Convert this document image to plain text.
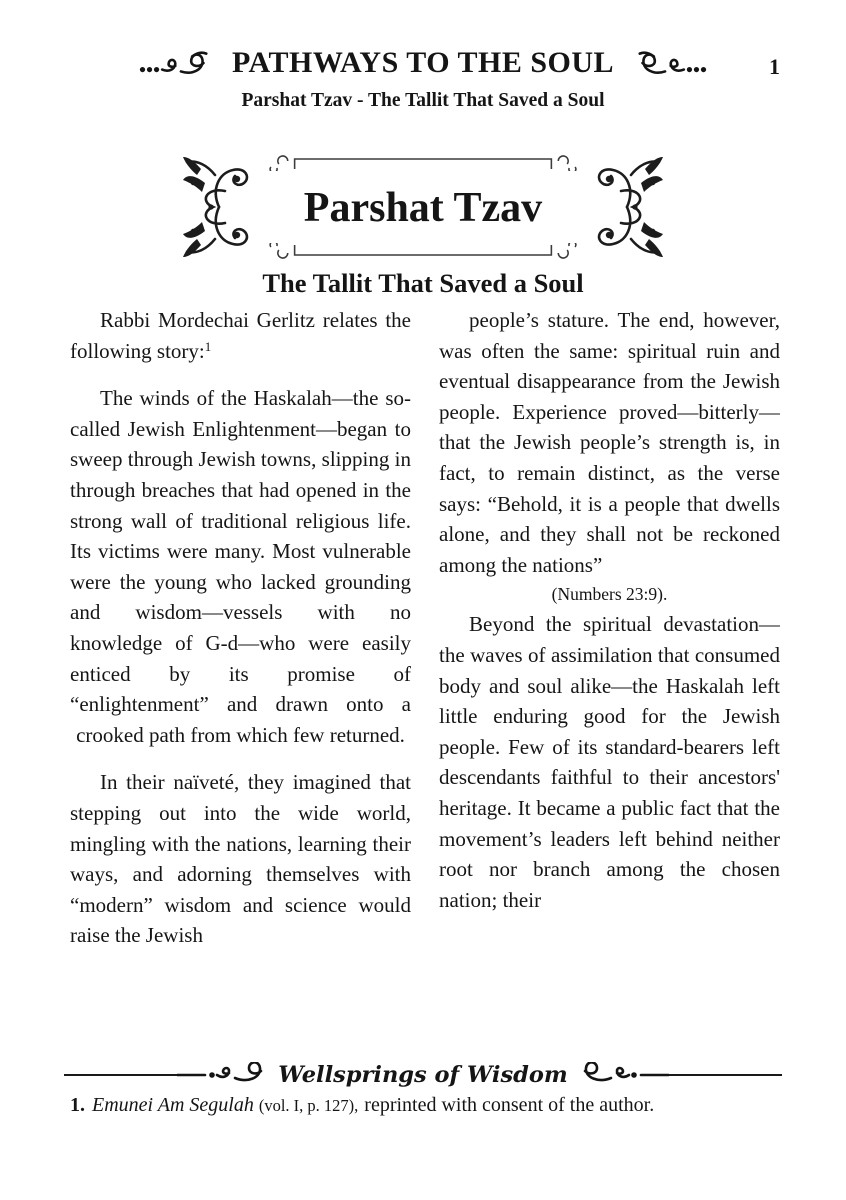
PATHWAYS TO THE SOUL	1
Parshat Tzav - The Tallit That Saved a Soul
Parshat Tzav
The Tallit That Saved a Soul

Rabbi Mordechai Gerlitz relates the following story:$^1$

The winds of the Haskalah—the so-called Jewish Enlightenment—began to sweep through Jewish towns, slipping in through breaches that had opened in the strong wall of traditional religious life. Its victims were many. Most vulnerable were the young who lacked grounding and wisdom—vessels with no knowledge of G-d—who were easily enticed by its promise of “enlightenment” and drawn onto a crooked path from which few returned.

In their naïveté, they imagined that stepping out into the wide world, mingling with the nations, learning their ways, and adorning themselves with “modern” wisdom and science would raise the Jewish

people’s stature. The end, however, was often the same: spiritual ruin and eventual disappearance from the Jewish people. Experience proved—bitterly—that the Jewish people’s strength is, in fact, to remain distinct, as the verse says: “Behold, it is a people that dwells alone, and they shall not be reckoned among the nations”

(Numbers 23:9).

Beyond the spiritual devastation—the waves of assimilation that consumed body and soul alike—the Haskalah left little enduring good for the Jewish people. Few of its standard-bearers left descendants faithful to their ancestors' heritage. It became a public fact that the movement’s leaders left behind neither root nor branch among the chosen nation; their

Wellsprings of Wisdom
1. Emunei Am Segulah (vol. I, p. 127), reprinted with consent of the author.
